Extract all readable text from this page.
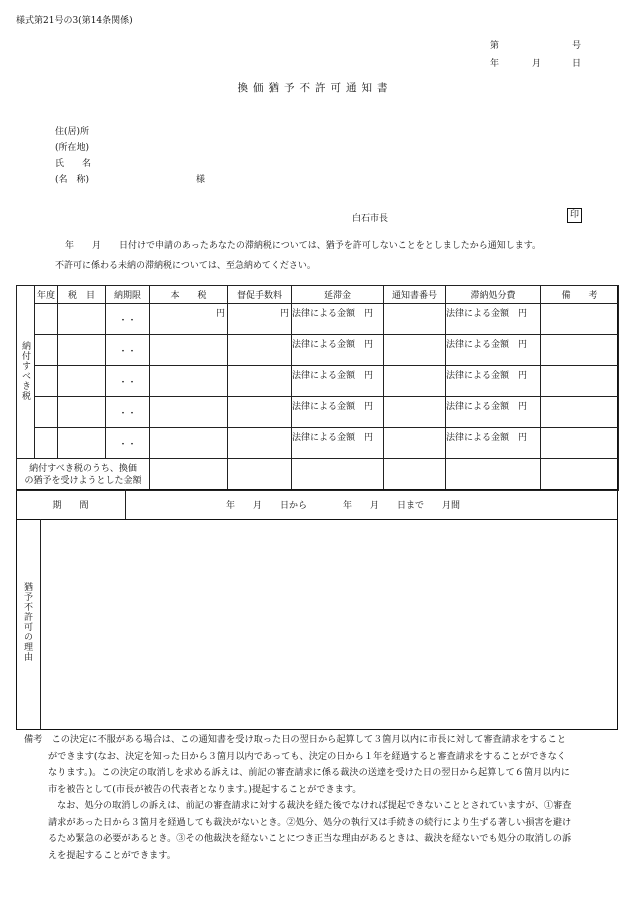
様式第21号の3(第14条関係)
第	号
年	月	日
換価猶予不許可通知書
住(居)所
(所在地)
氏　　名
(名　称)	様
白石市長	印
年　　月　　日付けで申請のあったあなたの滞納税については、猶予を許可しないことをとしましたから通知します。
不許可に係わる未納の滞納税については、至急納めてください。
納付すべき税	年度	税　目	納期限	本　　税	督促手数料	延滞金	通知書番号	滞納処分費	備　　考
			・・	円	円	法律による金額　円		法律による金額　円	
			・・			法律による金額　円		法律による金額　円	
			・・			法律による金額　円		法律による金額　円	
			・・			法律による金額　円		法律による金額　円	
			・・			法律による金額　円		法律による金額　円	

納付すべき税のうち、換価
の猶予を受けようとした金額									

期　　間	年　　月　　日から　　　　年　　月　　日まで　　月間
猶予不許可の理由

備考　 この決定に不服がある場合は、この通知書を受け取った日の翌日から起算して３箇月以内に市長に対して審査請求をすること

ができます(なお、決定を知った日から３箇月以内であっても、決定の日から１年を経過すると審査請求をすることができなく

なります。)。この決定の取消しを求める訴えは、前記の審査請求に係る裁決の送達を受けた日の翌日から起算して６箇月以内に

市を被告として(市長が被告の代表者となります。)提起することができます。

なお、処分の取消しの訴えは、前記の審査請求に対する裁決を経た後でなければ提起できないこととされていますが、①審査

請求があった日から３箇月を経過しても裁決がないとき。②処分、処分の執行又は手続きの続行により生ずる著しい損害を避け

るため緊急の必要があるとき。③その他裁決を経ないことにつき正当な理由があるときは、裁決を経ないでも処分の取消しの訴

えを提起することができます。
